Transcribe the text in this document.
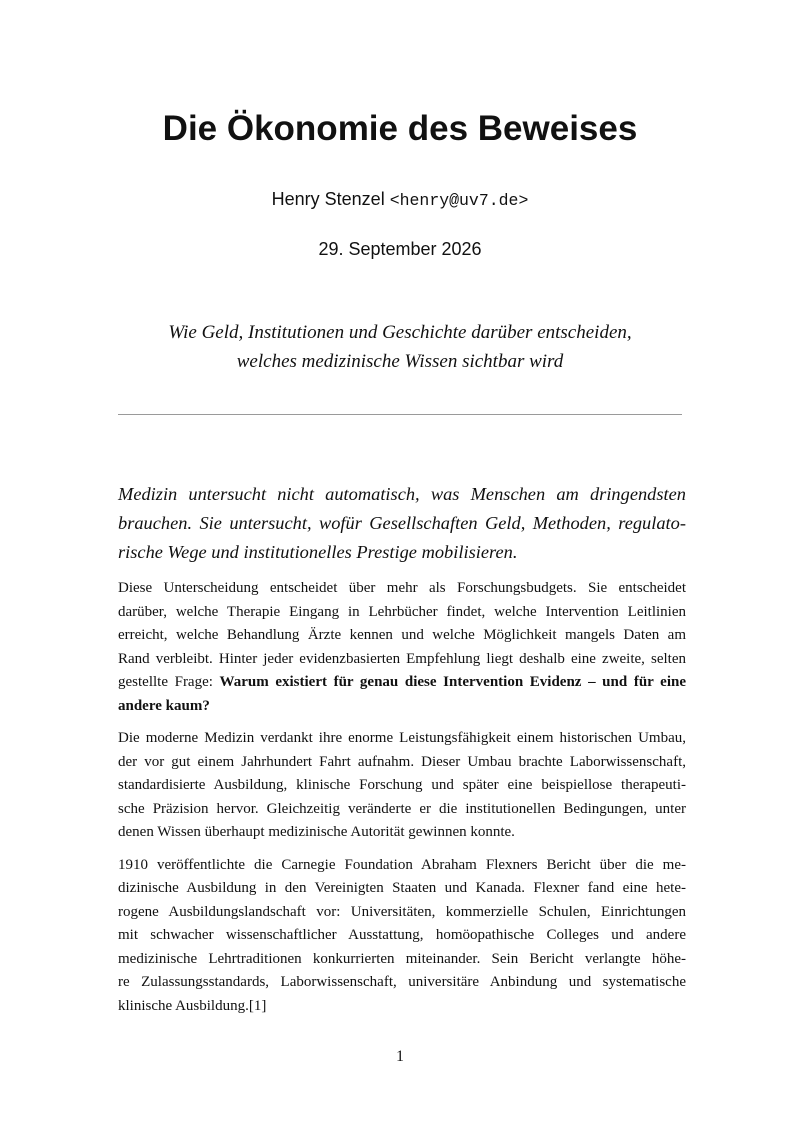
Die Ökonomie des Beweises
Henry Stenzel <henry@uv7.de>
29. September 2026
Wie Geld, Institutionen und Geschichte darüber entscheiden,
welches medizinische Wissen sichtbar wird

Medizin untersucht nicht automatisch, was Menschen am dringendsten
brauchen. Sie untersucht, wofür Gesellschaften Geld, Methoden, regulato-
rische Wege und institutionelles Prestige mobilisieren.

Diese Unterscheidung entscheidet über mehr als Forschungsbudgets. Sie entscheidet
darüber, welche Therapie Eingang in Lehrbücher findet, welche Intervention Leitlinien
erreicht, welche Behandlung Ärzte kennen und welche Möglichkeit mangels Daten am
Rand verbleibt. Hinter jeder evidenzbasierten Empfehlung liegt deshalb eine zweite, selten
gestellte Frage: Warum existiert für genau diese Intervention Evidenz – und für eine
andere kaum?

Die moderne Medizin verdankt ihre enorme Leistungsfähigkeit einem historischen Umbau,
der vor gut einem Jahrhundert Fahrt aufnahm. Dieser Umbau brachte Laborwissenschaft,
standardisierte Ausbildung, klinische Forschung und später eine beispiellose therapeuti-
sche Präzision hervor. Gleichzeitig veränderte er die institutionellen Bedingungen, unter
denen Wissen überhaupt medizinische Autorität gewinnen konnte.

1910 veröffentlichte die Carnegie Foundation Abraham Flexners Bericht über die me-
dizinische Ausbildung in den Vereinigten Staaten und Kanada. Flexner fand eine hete-
rogene Ausbildungslandschaft vor: Universitäten, kommerzielle Schulen, Einrichtungen
mit schwacher wissenschaftlicher Ausstattung, homöopathische Colleges und andere
medizinische Lehrtraditionen konkurrierten miteinander. Sein Bericht verlangte höhe-
re Zulassungsstandards, Laborwissenschaft, universitäre Anbindung und systematische
klinische Ausbildung.[1]

1
